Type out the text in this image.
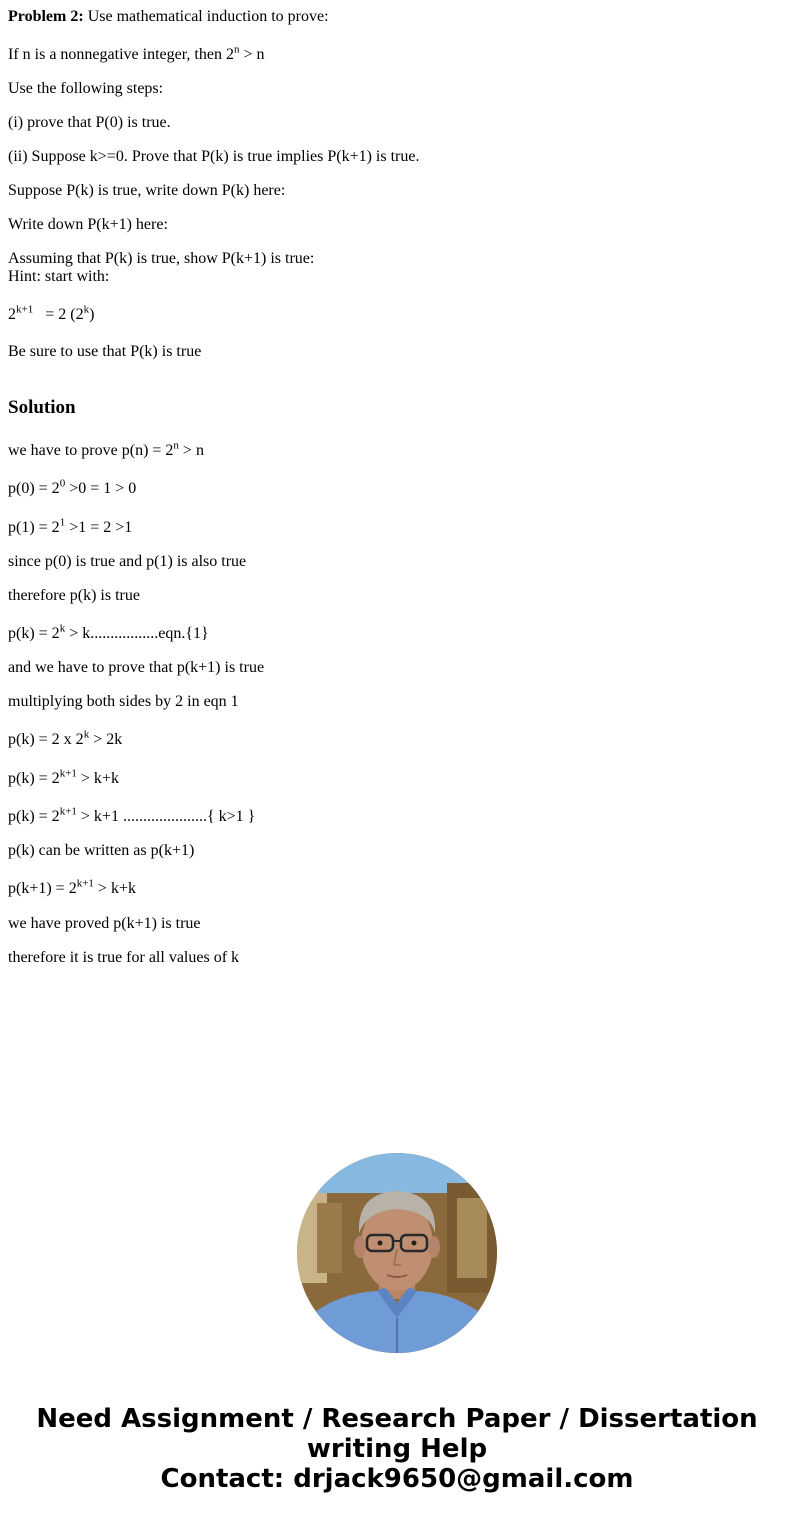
Problem 2: Use mathematical induction to prove:
If n is a nonnegative integer, then $2^n > n$
Use the following steps:
(i) prove that P(0) is true.
(ii) Suppose k>=0. Prove that P(k) is true implies P(k+1) is true.
Suppose P(k) is true, write down P(k) here:
Write down P(k+1) here:
Assuming that P(k) is true, show P(k+1) is true:
Hint: start with:
$2^{k+1} = 2$ (2$^k$)
Be sure to use that P(k) is true
Solution
we have to prove $p(n) = 2^n > n$
$p(0) = 2^0 >0 = 1 > 0$
$p(1) = 2^1 >1 = 2 >1$
since p(0) is true and p(1) is also true
therefore p(k) is true
$p(k) = 2^k > k.................eqn.\{1\}$
and we have to prove that p(k+1) is true
multiplying both sides by 2 in eqn 1
p(k) = 2 x $2^k > 2k$
$p(k) = 2^{k+1} > k+k$
$p(k) = 2^{k+1} > k+1$ .....................{ k>1 }
p(k) can be written as p(k+1)
$p(k+1) = 2^{k+1} > k+k$
we have proved p(k+1) is true
therefore it is true for all values of k
Need Assignment / Research Paper / Dissertation
writing Help
Contact: drjack9650@gmail.com
